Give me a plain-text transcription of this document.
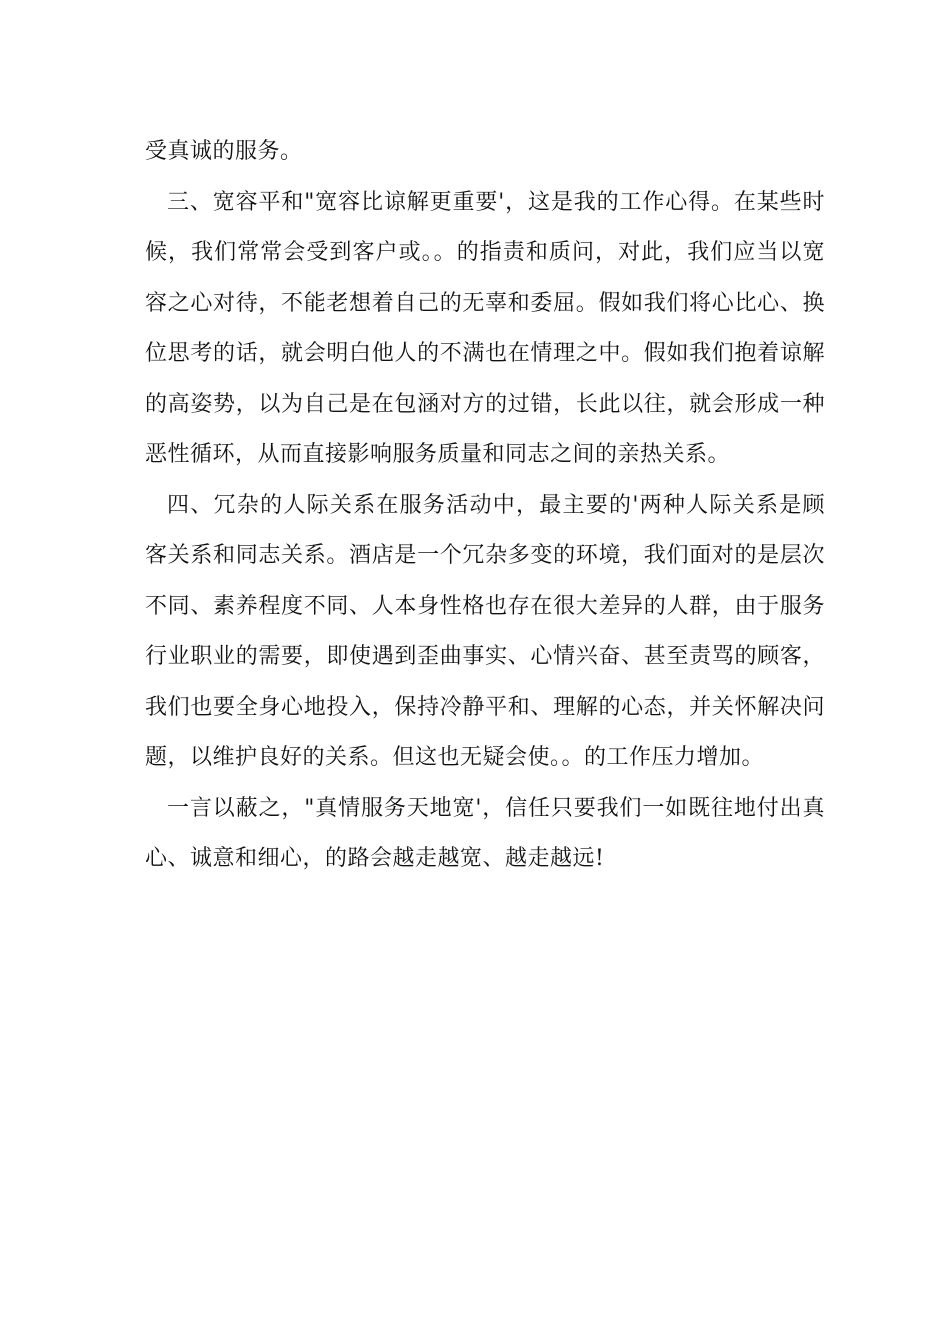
受真诚的服务。

三、宽容平和"宽容比谅解更重要'，这是我的工作心得。在某些时候，我们常常会受到客户或。。的指责和质问，对此，我们应当以宽容之心对待，不能老想着自己的无辜和委屈。假如我们将心比心、换位思考的话，就会明白他人的不满也在情理之中。假如我们抱着谅解的高姿势，以为自己是在包涵对方的过错，长此以往，就会形成一种恶性循环，从而直接影响服务质量和同志之间的亲热关系。

四、冗杂的人际关系在服务活动中，最主要的'两种人际关系是顾客关系和同志关系。酒店是一个冗杂多变的环境，我们面对的是层次不同、素养程度不同、人本身性格也存在很大差异的人群，由于服务行业职业的需要，即使遇到歪曲事实、心情兴奋、甚至责骂的顾客，我们也要全身心地投入，保持冷静平和、理解的心态，并关怀解决问题，以维护良好的关系。但这也无疑会使。。的工作压力增加。

一言以蔽之，"真情服务天地宽'，信任只要我们一如既往地付出真心、诚意和细心，的路会越走越宽、越走越远!
